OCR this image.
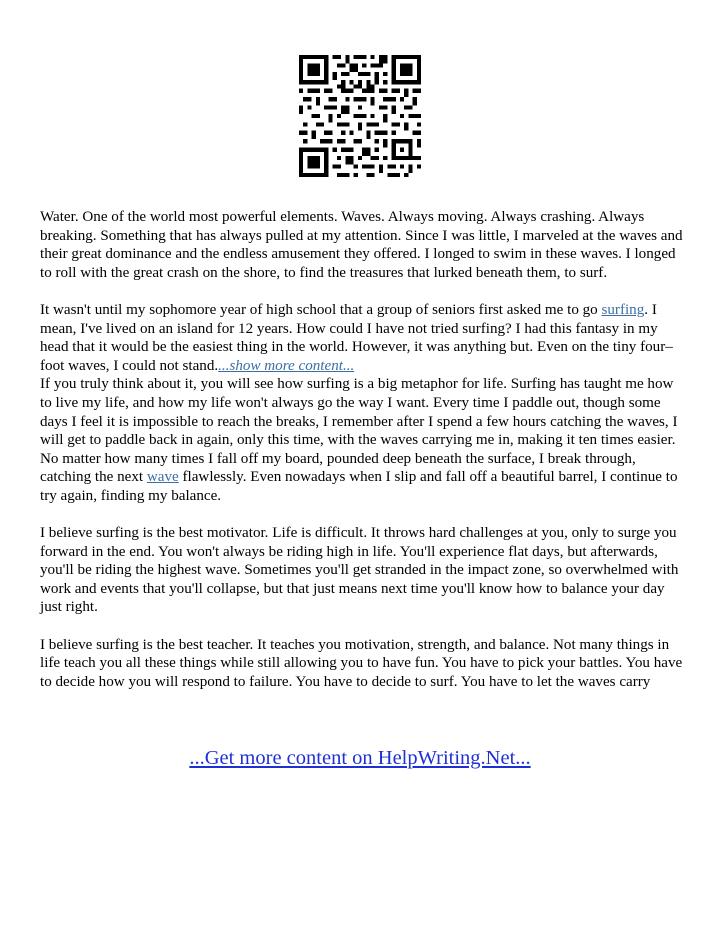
Water. One of the world most powerful elements. Waves. Always moving. Always crashing. Always breaking. Something that has always pulled at my attention. Since I was little, I marveled at the waves and their great dominance and the endless amusement they offered. I longed to swim in these waves. I longed to roll with the great crash on the shore, to find the treasures that lurked beneath them, to surf.

It wasn't until my sophomore year of high school that a group of seniors first asked me to go surfing. I mean, I've lived on an island for 12 years. How could I have not tried surfing? I had this fantasy in my head that it would be the easiest thing in the world. However, it was anything but. Even on the tiny four–foot waves, I could not stand....show more content...

If you truly think about it, you will see how surfing is a big metaphor for life. Surfing has taught me how to live my life, and how my life won't always go the way I want. Every time I paddle out, though some days I feel it is impossible to reach the breaks, I remember after I spend a few hours catching the waves, I will get to paddle back in again, only this time, with the waves carrying me in, making it ten times easier. No matter how many times I fall off my board, pounded deep beneath the surface, I break through, catching the next wave flawlessly. Even nowadays when I slip and fall off a beautiful barrel, I continue to try again, finding my balance.

I believe surfing is the best motivator. Life is difficult. It throws hard challenges at you, only to surge you forward in the end. You won't always be riding high in life. You'll experience flat days, but afterwards, you'll be riding the highest wave. Sometimes you'll get stranded in the impact zone, so overwhelmed with work and events that you'll collapse, but that just means next time you'll know how to balance your day just right.

I believe surfing is the best teacher. It teaches you motivation, strength, and balance. Not many things in life teach you all these things while still allowing you to have fun. You have to pick your battles. You have to decide how you will respond to failure. You have to decide to surf. You have to let the waves carry

...Get more content on HelpWriting.Net...
